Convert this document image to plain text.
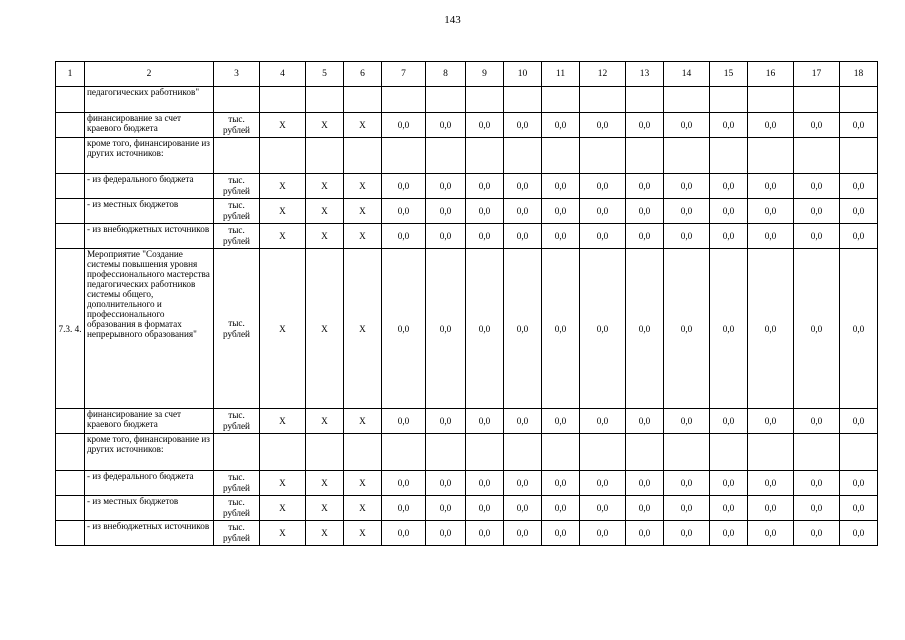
143
1	2	3	4	5	6	7	8	9	10	11	12	13	14	15	16	17	18
	педагогических работников"																
	финансирование за счет краевого бюджета	тыс. рублей	X	X	X	0,0	0,0	0,0	0,0	0,0	0,0	0,0	0,0	0,0	0,0	0,0	0,0
	кроме того, финансирование из других источников:																
	- из федерального бюджета	тыс. рублей	X	X	X	0,0	0,0	0,0	0,0	0,0	0,0	0,0	0,0	0,0	0,0	0,0	0,0
	- из местных бюджетов	тыс. рублей	X	X	X	0,0	0,0	0,0	0,0	0,0	0,0	0,0	0,0	0,0	0,0	0,0	0,0
	- из внебюджетных источников	тыс. рублей	X	X	X	0,0	0,0	0,0	0,0	0,0	0,0	0,0	0,0	0,0	0,0	0,0	0,0
7.3. 4.	Мероприятие "Создание системы повышения уровня профессионального мастерства педагогических работников системы общего, дополнительного и профессионального образования в форматах непрерывного образования"	тыс. рублей	X	X	X	0,0	0,0	0,0	0,0	0,0	0,0	0,0	0,0	0,0	0,0	0,0	0,0
	финансирование за счет краевого бюджета	тыс. рублей	X	X	X	0,0	0,0	0,0	0,0	0,0	0,0	0,0	0,0	0,0	0,0	0,0	0,0
	кроме того, финансирование из других источников:																
	- из федерального бюджета	тыс. рублей	X	X	X	0,0	0,0	0,0	0,0	0,0	0,0	0,0	0,0	0,0	0,0	0,0	0,0
	- из местных бюджетов	тыс. рублей	X	X	X	0,0	0,0	0,0	0,0	0,0	0,0	0,0	0,0	0,0	0,0	0,0	0,0
	- из внебюджетных источников	тыс. рублей	X	X	X	0,0	0,0	0,0	0,0	0,0	0,0	0,0	0,0	0,0	0,0	0,0	0,0
